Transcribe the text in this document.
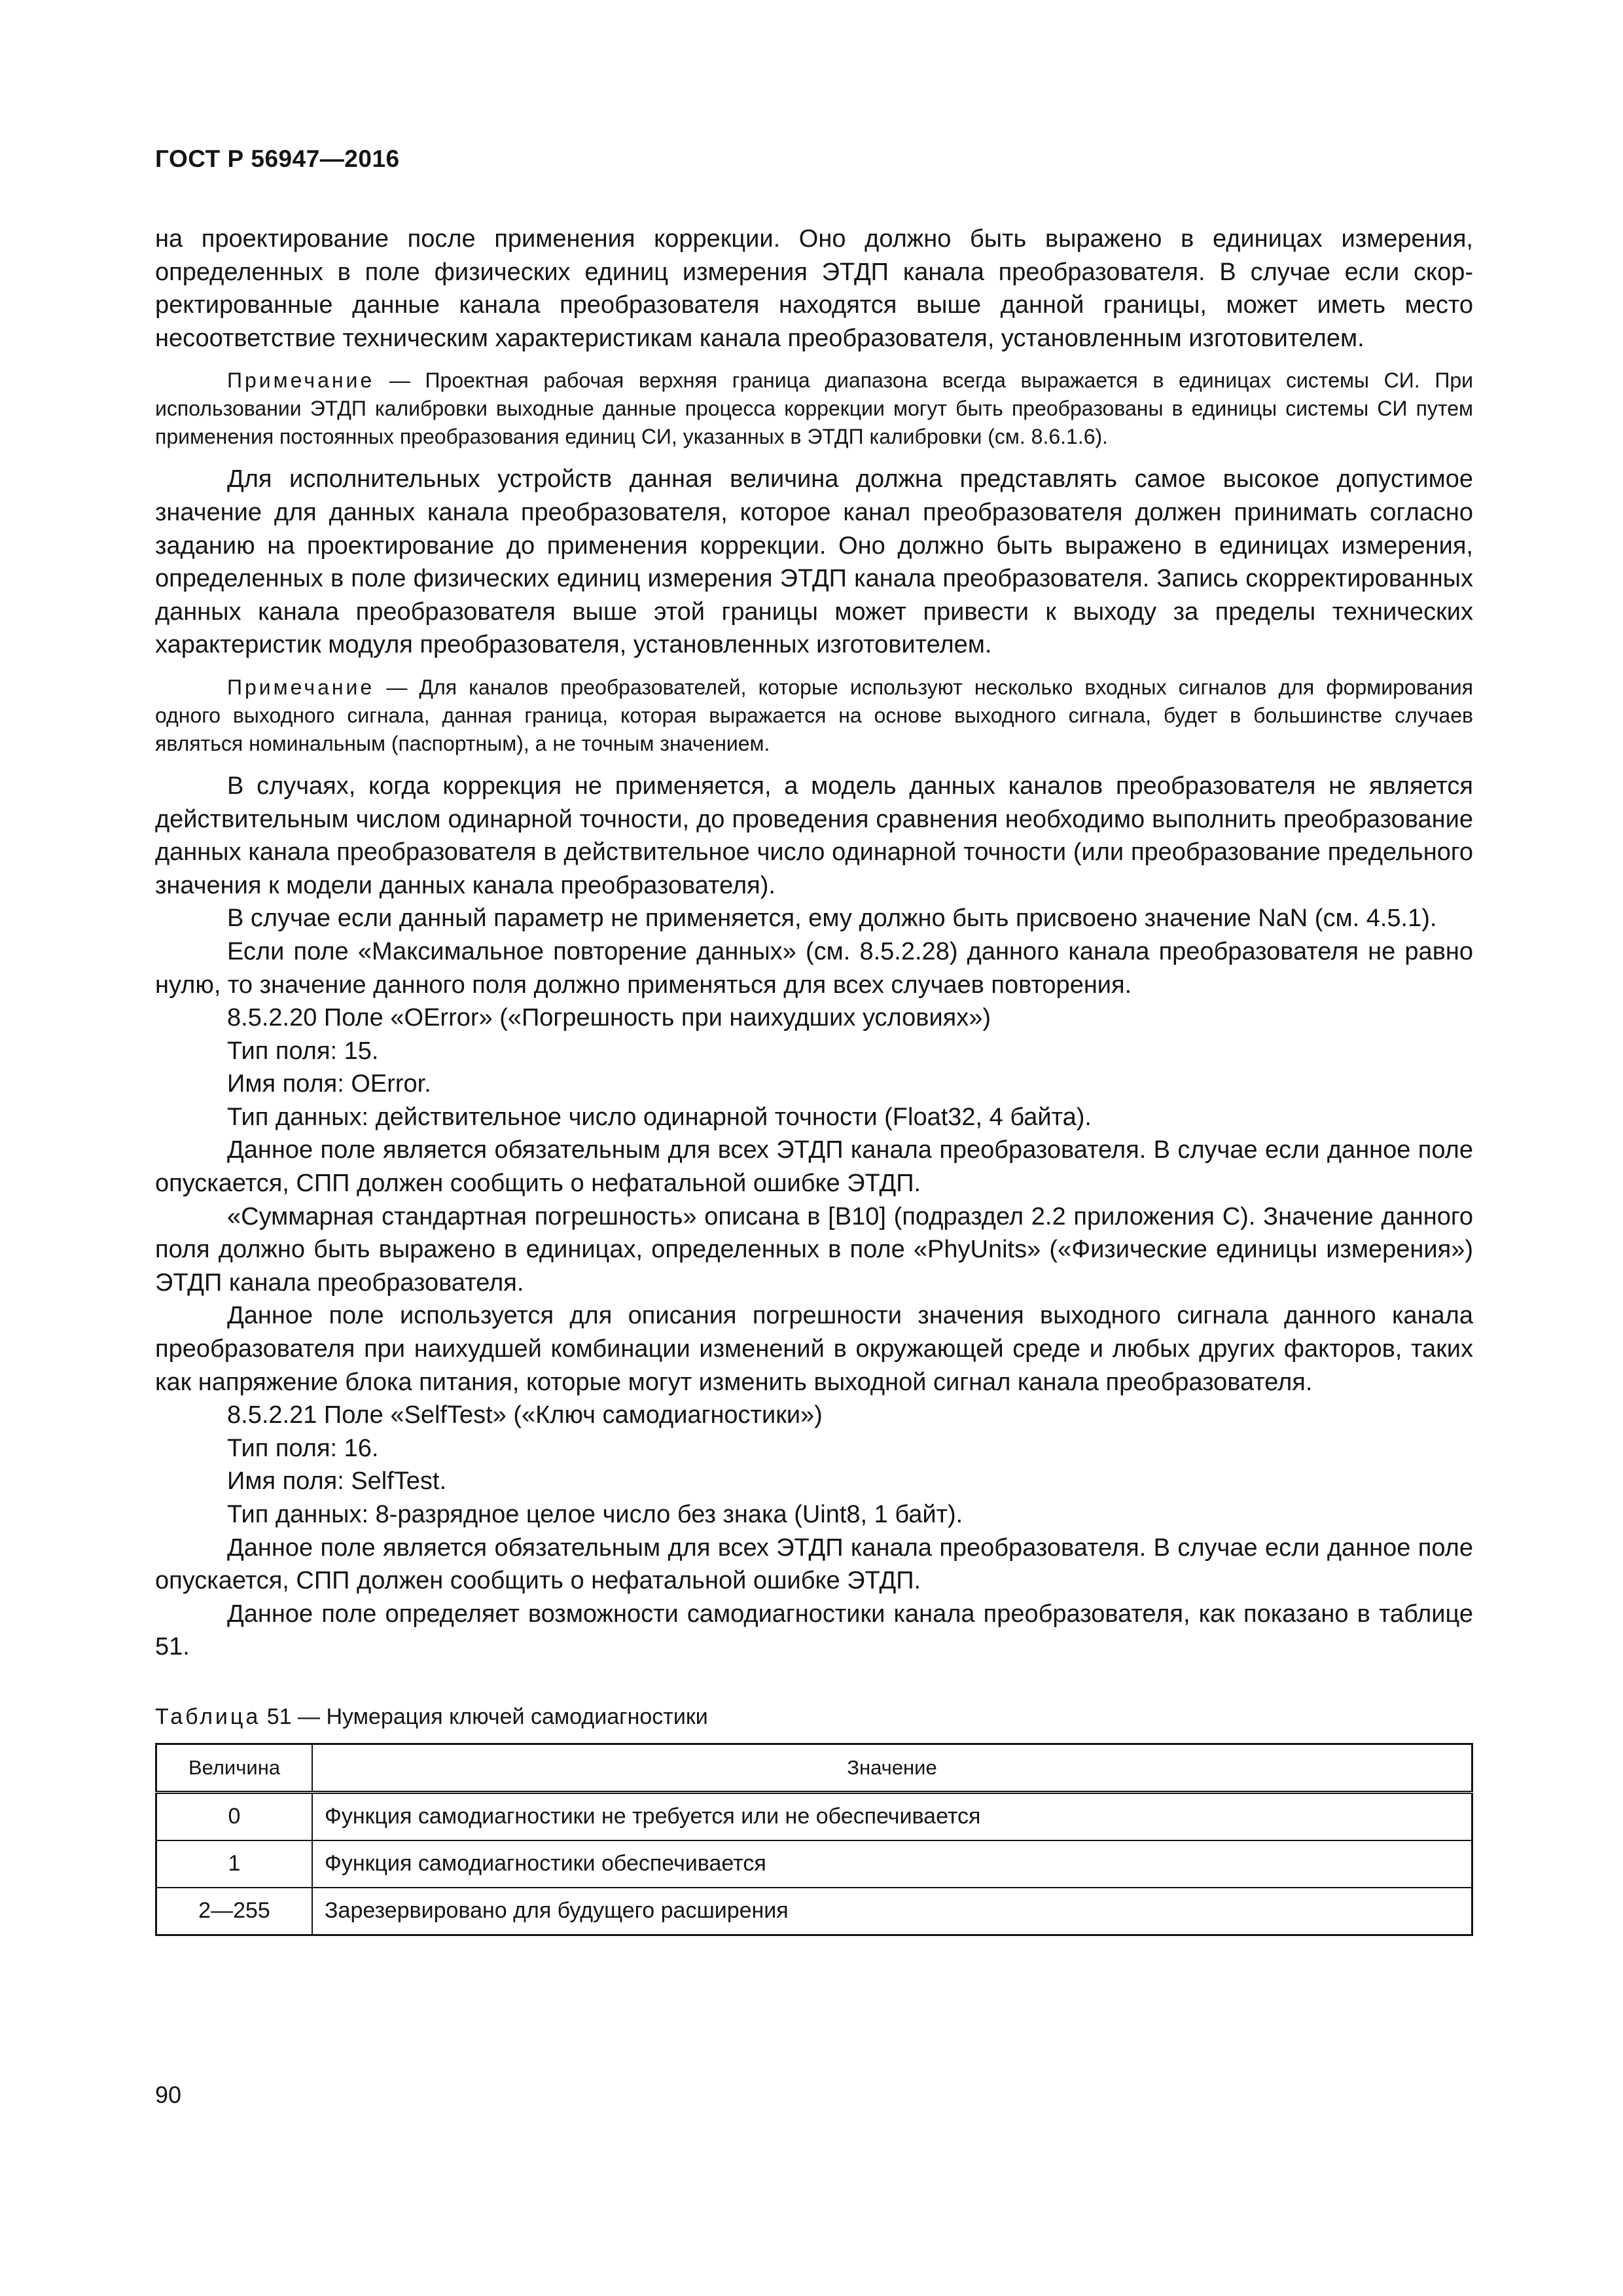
ГОСТ Р 56947—2016

на проектирование после применения коррекции. Оно должно быть выражено в единицах измерения, определенных в поле физических единиц измерения ЭТДП канала преобразователя. В случае если скорректированные данные канала преобразователя находятся выше данной границы, может иметь место несоответствие техническим характеристикам канала преобразователя, установленным изготовителем.

Примечание — Проектная рабочая верхняя граница диапазона всегда выражается в единицах системы СИ. При использовании ЭТДП калибровки выходные данные процесса коррекции могут быть преобразованы в единицы системы СИ путем применения постоянных преобразования единиц СИ, указанных в ЭТДП калибровки (см. 8.6.1.6).

Для исполнительных устройств данная величина должна представлять самое высокое допустимое значение для данных канала преобразователя, которое канал преобразователя должен принимать согласно заданию на проектирование до применения коррекции. Оно должно быть выражено в единицах измерения, определенных в поле физических единиц измерения ЭТДП канала преобразователя. Запись скорректированных данных канала преобразователя выше этой границы может привести к выходу за пределы технических характеристик модуля преобразователя, установленных изготовителем.

Примечание — Для каналов преобразователей, которые используют несколько входных сигналов для формирования одного выходного сигнала, данная граница, которая выражается на основе выходного сигнала, будет в большинстве случаев являться номинальным (паспортным), а не точным значением.

В случаях, когда коррекция не применяется, а модель данных каналов преобразователя не является действительным числом одинарной точности, до проведения сравнения необходимо выполнить преобразование данных канала преобразователя в действительное число одинарной точности (или преобразование предельного значения к модели данных канала преобразователя).

В случае если данный параметр не применяется, ему должно быть присвоено значение NaN (см. 4.5.1).

Если поле «Максимальное повторение данных» (см. 8.5.2.28) данного канала преобразователя не равно нулю, то значение данного поля должно применяться для всех случаев повторения.

8.5.2.20 Поле «OError» («Погрешность при наихудших условиях»)

Тип поля: 15.

Имя поля: OError.

Тип данных: действительное число одинарной точности (Float32, 4 байта).

Данное поле является обязательным для всех ЭТДП канала преобразователя. В случае если данное поле опускается, СПП должен сообщить о нефатальной ошибке ЭТДП.

«Суммарная стандартная погрешность» описана в [В10] (подраздел 2.2 приложения С). Значение данного поля должно быть выражено в единицах, определенных в поле «PhyUnits» («Физические единицы измерения») ЭТДП канала преобразователя.

Данное поле используется для описания погрешности значения выходного сигнала данного канала преобразователя при наихудшей комбинации изменений в окружающей среде и любых других факторов, таких как напряжение блока питания, которые могут изменить выходной сигнал канала преобразователя.

8.5.2.21 Поле «SelfTest» («Ключ самодиагностики»)

Тип поля: 16.

Имя поля: SelfTest.

Тип данных: 8-разрядное целое число без знака (Uint8, 1 байт).

Данное поле является обязательным для всех ЭТДП канала преобразователя. В случае если данное поле опускается, СПП должен сообщить о нефатальной ошибке ЭТДП.

Данное поле определяет возможности самодиагностики канала преобразователя, как показано в таблице 51.

Таблица 51 — Нумерация ключей самодиагностики
Величина	Значение
0	Функция самодиагностики не требуется или не обеспечивается
1	Функция самодиагностики обеспечивается
2—255	Зарезервировано для будущего расширения
90
